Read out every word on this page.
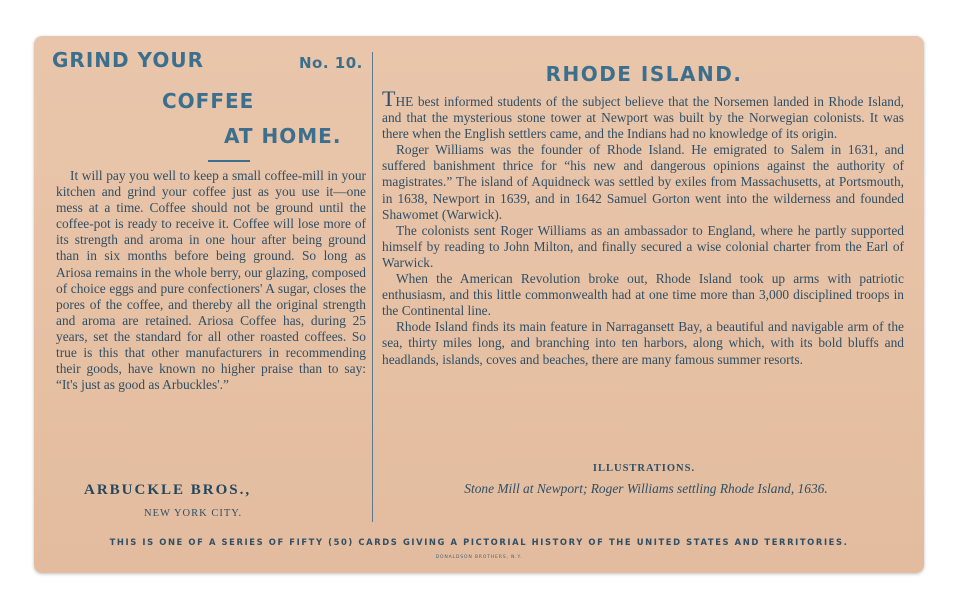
GRIND YOUR	No. 10.
COFFEE
AT HOME.

It will pay you well to keep a small coffee-mill in your kitchen and grind your coffee just as you use it—one mess at a time. Coffee should not be ground until the coffee-pot is ready to receive it. Coffee will lose more of its strength and aroma in one hour after being ground than in six months before being ground. So long as Ariosa remains in the whole berry, our glazing, composed of choice eggs and pure confectioners' A sugar, closes the pores of the coffee, and thereby all the original strength and aroma are retained. Ariosa Coffee has, during 25 years, set the standard for all other roasted coffees. So true is this that other manufacturers in recommending their goods, have known no higher praise than to say: “It's just as good as Arbuckles'.”

ARBUCKLE BROS.,
NEW YORK CITY.
RHODE ISLAND.

THE best informed students of the subject believe that the Norsemen landed in Rhode Island, and that the mysterious stone tower at Newport was built by the Norwegian colonists. It was there when the English settlers came, and the Indians had no knowledge of its origin.

Roger Williams was the founder of Rhode Island. He emigrated to Salem in 1631, and suffered banishment thrice for “his new and dangerous opinions against the authority of magistrates.” The island of Aquidneck was settled by exiles from Massachusetts, at Portsmouth, in 1638, Newport in 1639, and in 1642 Samuel Gorton went into the wilderness and founded Shawomet (Warwick).

The colonists sent Roger Williams as an ambassador to England, where he partly supported himself by reading to John Milton, and finally secured a wise colonial charter from the Earl of Warwick.

When the American Revolution broke out, Rhode Island took up arms with patriotic enthusiasm, and this little commonwealth had at one time more than 3,000 disciplined troops in the Continental line.

Rhode Island finds its main feature in Narragansett Bay, a beautiful and navigable arm of the sea, thirty miles long, and branching into ten harbors, along which, with its bold bluffs and headlands, islands, coves and beaches, there are many famous summer resorts.

ILLUSTRATIONS.
Stone Mill at Newport; Roger Williams settling Rhode Island, 1636.
THIS IS ONE OF A SERIES OF FIFTY (50) CARDS GIVING A PICTORIAL HISTORY OF THE UNITED STATES AND TERRITORIES.
DONALDSON BROTHERS, N.Y.
